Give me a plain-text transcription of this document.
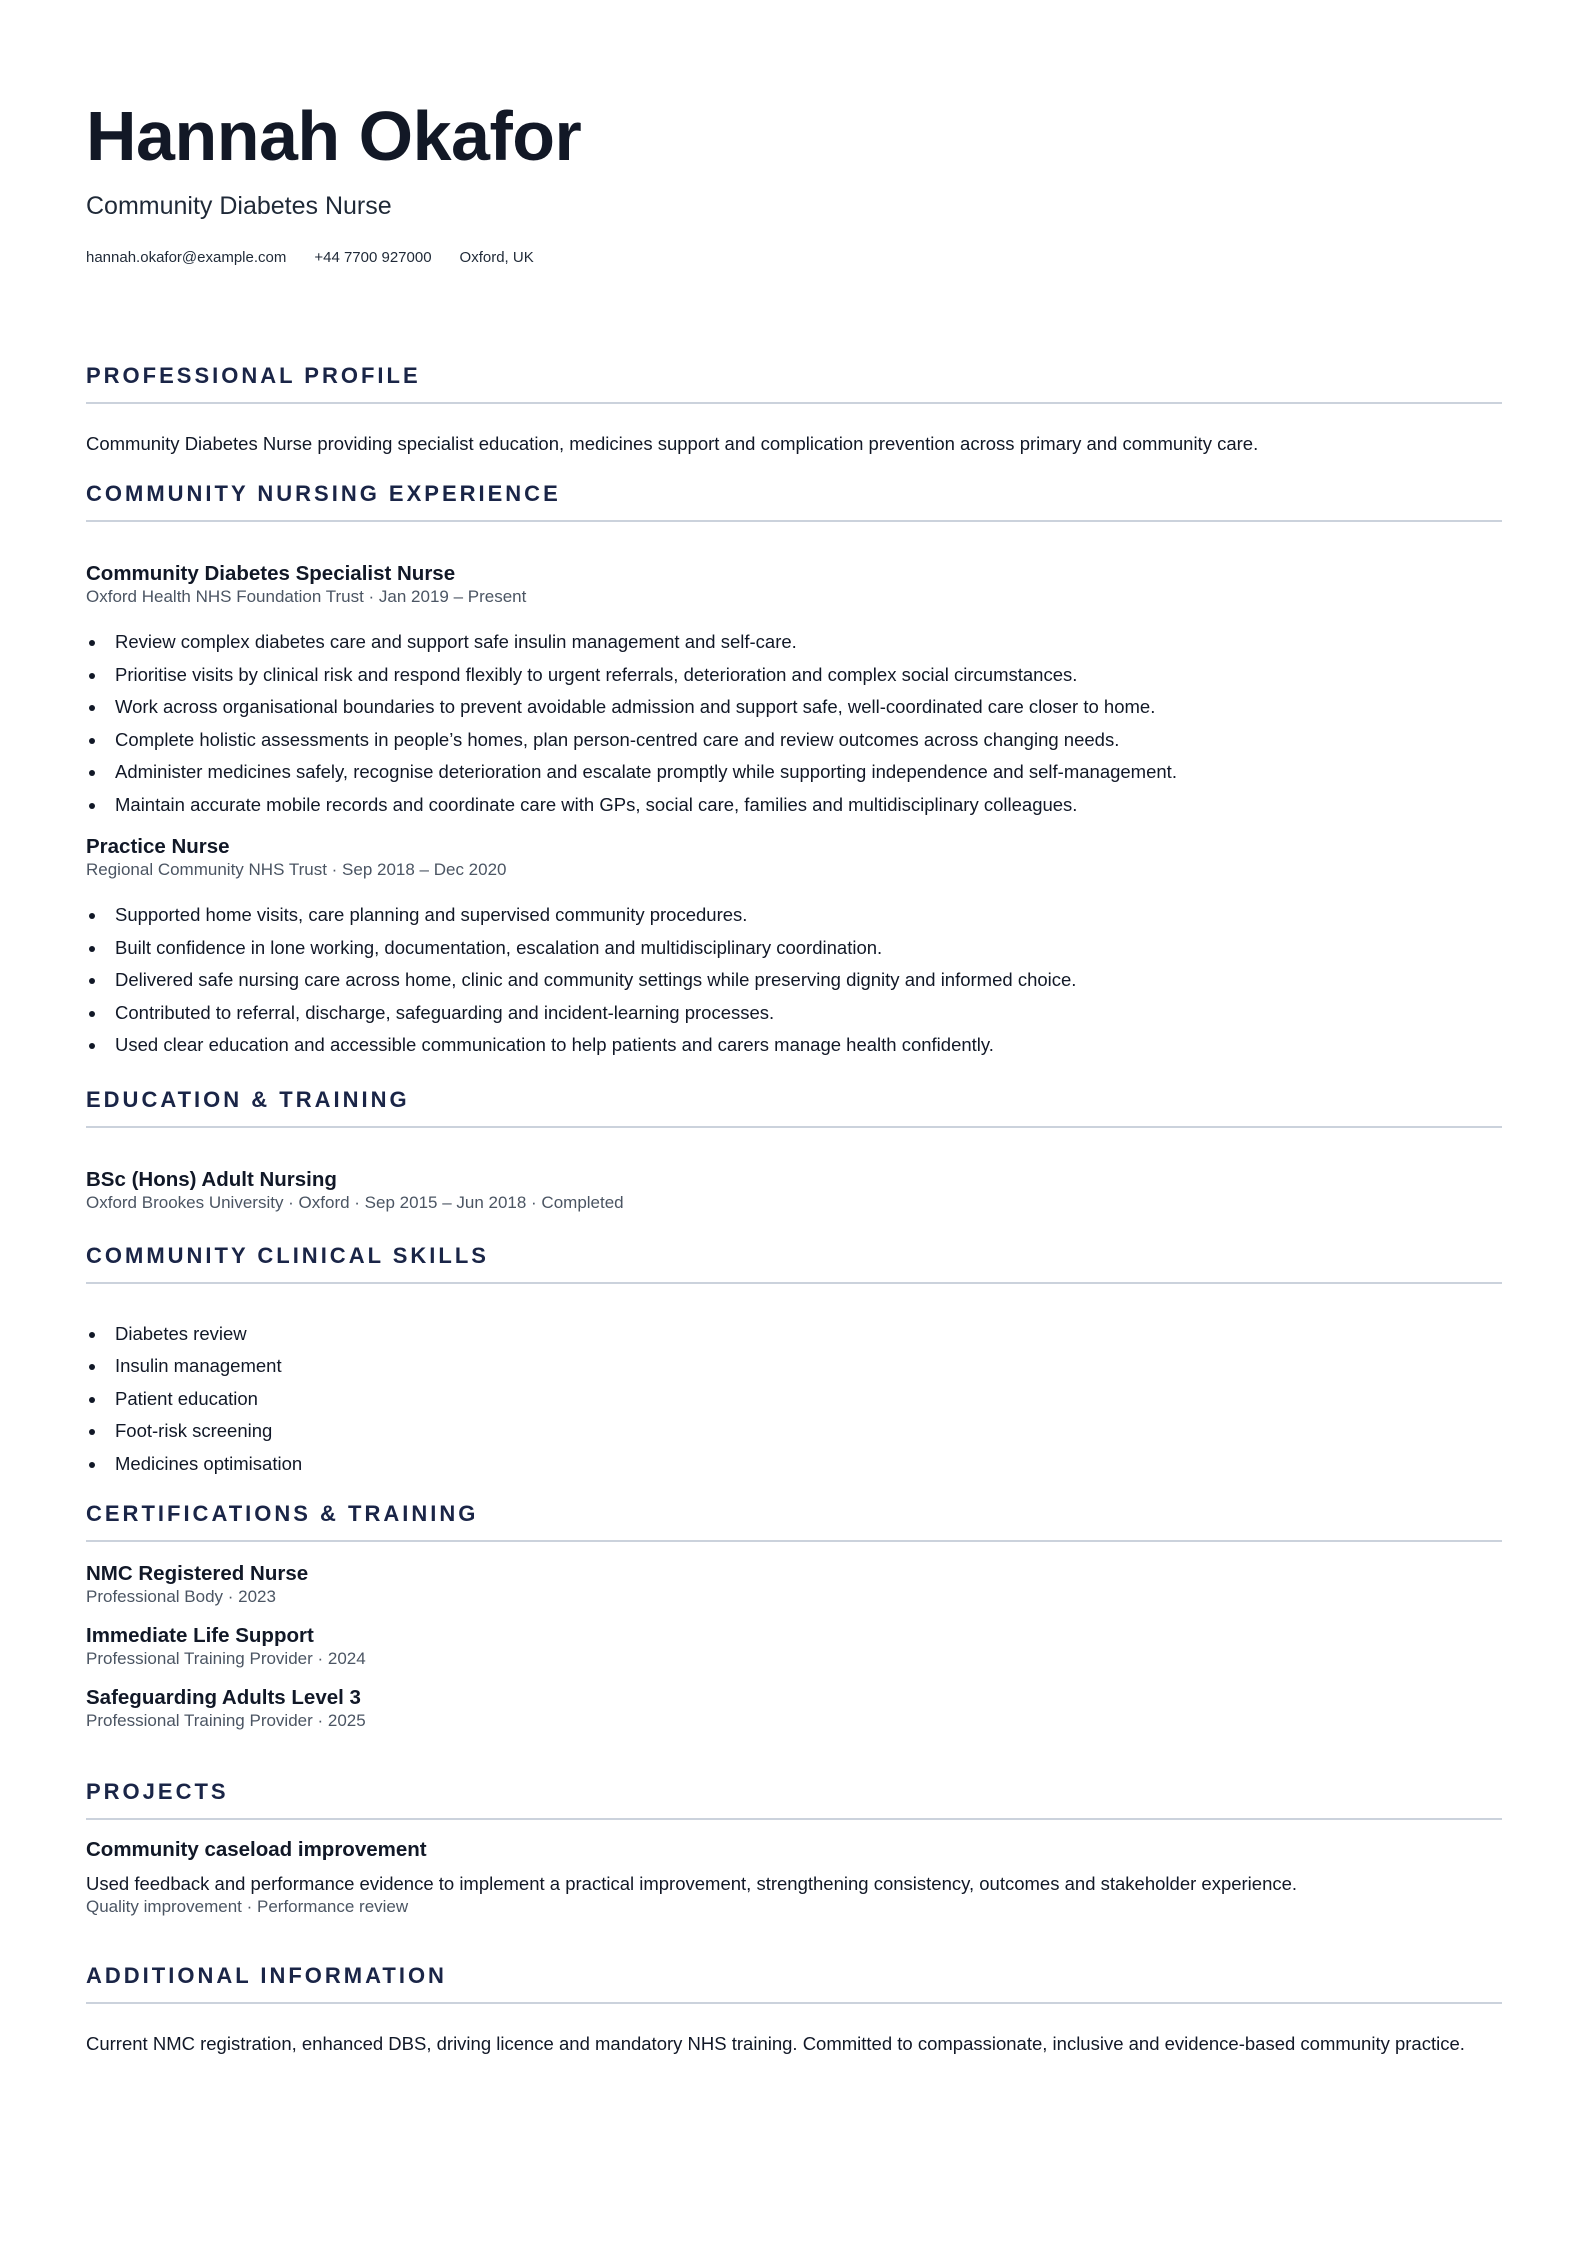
Hannah Okafor
Community Diabetes Nurse
hannah.okafor@example.com +44 7700 927000 Oxford, UK
PROFESSIONAL PROFILE
Community Diabetes Nurse providing specialist education, medicines support and complication prevention across primary and community care.
COMMUNITY NURSING EXPERIENCE
Community Diabetes Specialist Nurse
Oxford Health NHS Foundation Trust · Jan 2019 – Present
Review complex diabetes care and support safe insulin management and self-care.
Prioritise visits by clinical risk and respond flexibly to urgent referrals, deterioration and complex social circumstances.
Work across organisational boundaries to prevent avoidable admission and support safe, well-coordinated care closer to home.
Complete holistic assessments in people’s homes, plan person-centred care and review outcomes across changing needs.
Administer medicines safely, recognise deterioration and escalate promptly while supporting independence and self-management.
Maintain accurate mobile records and coordinate care with GPs, social care, families and multidisciplinary colleagues.
Practice Nurse
Regional Community NHS Trust · Sep 2018 – Dec 2020
Supported home visits, care planning and supervised community procedures.
Built confidence in lone working, documentation, escalation and multidisciplinary coordination.
Delivered safe nursing care across home, clinic and community settings while preserving dignity and informed choice.
Contributed to referral, discharge, safeguarding and incident-learning processes.
Used clear education and accessible communication to help patients and carers manage health confidently.
EDUCATION & TRAINING
BSc (Hons) Adult Nursing
Oxford Brookes University · Oxford · Sep 2015 – Jun 2018 · Completed
COMMUNITY CLINICAL SKILLS
Diabetes review
Insulin management
Patient education
Foot-risk screening
Medicines optimisation
CERTIFICATIONS & TRAINING
NMC Registered Nurse
Professional Body · 2023
Immediate Life Support
Professional Training Provider · 2024
Safeguarding Adults Level 3
Professional Training Provider · 2025
PROJECTS
Community caseload improvement
Used feedback and performance evidence to implement a practical improvement, strengthening consistency, outcomes and stakeholder experience.
Quality improvement · Performance review
ADDITIONAL INFORMATION
Current NMC registration, enhanced DBS, driving licence and mandatory NHS training. Committed to compassionate, inclusive and evidence-based community practice.
